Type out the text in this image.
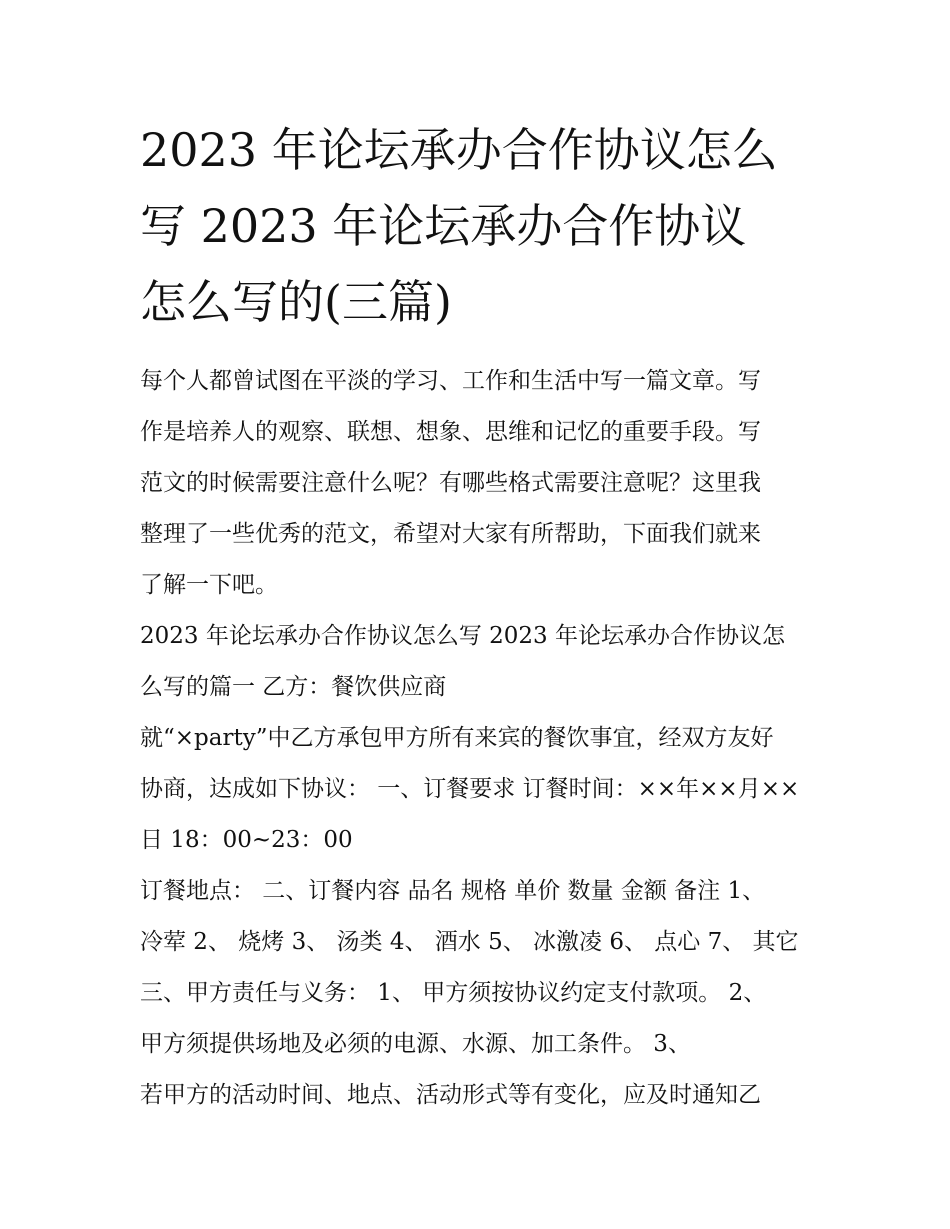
2023 年论坛承办合作协议怎么
写 2023 年论坛承办合作协议
怎么写的(三篇)

每个人都曾试图在平淡的学习、工作和生活中写一篇文章。写
作是培养人的观察、联想、想象、思维和记忆的重要手段。写
范文的时候需要注意什么呢？有哪些格式需要注意呢？这里我
整理了一些优秀的范文，希望对大家有所帮助，下面我们就来
了解一下吧。

2023 年论坛承办合作协议怎么写 2023 年论坛承办合作协议怎
么写的篇一 乙方：餐饮供应商

就“×party”中乙方承包甲方所有来宾的餐饮事宜，经双方友好
协商，达成如下协议： 一、订餐要求 订餐时间：××年××月××
日 18：00~23：00

订餐地点： 二、订餐内容 品名 规格 单价 数量 金额 备注 1、
冷荤 2、 烧烤 3、 汤类 4、 酒水 5、 冰激凌 6、 点心 7、 其它
三、甲方责任与义务： 1、 甲方须按协议约定支付款项。 2、
甲方须提供场地及必须的电源、水源、加工条件。 3、

若甲方的活动时间、地点、活动形式等有变化，应及时通知乙
